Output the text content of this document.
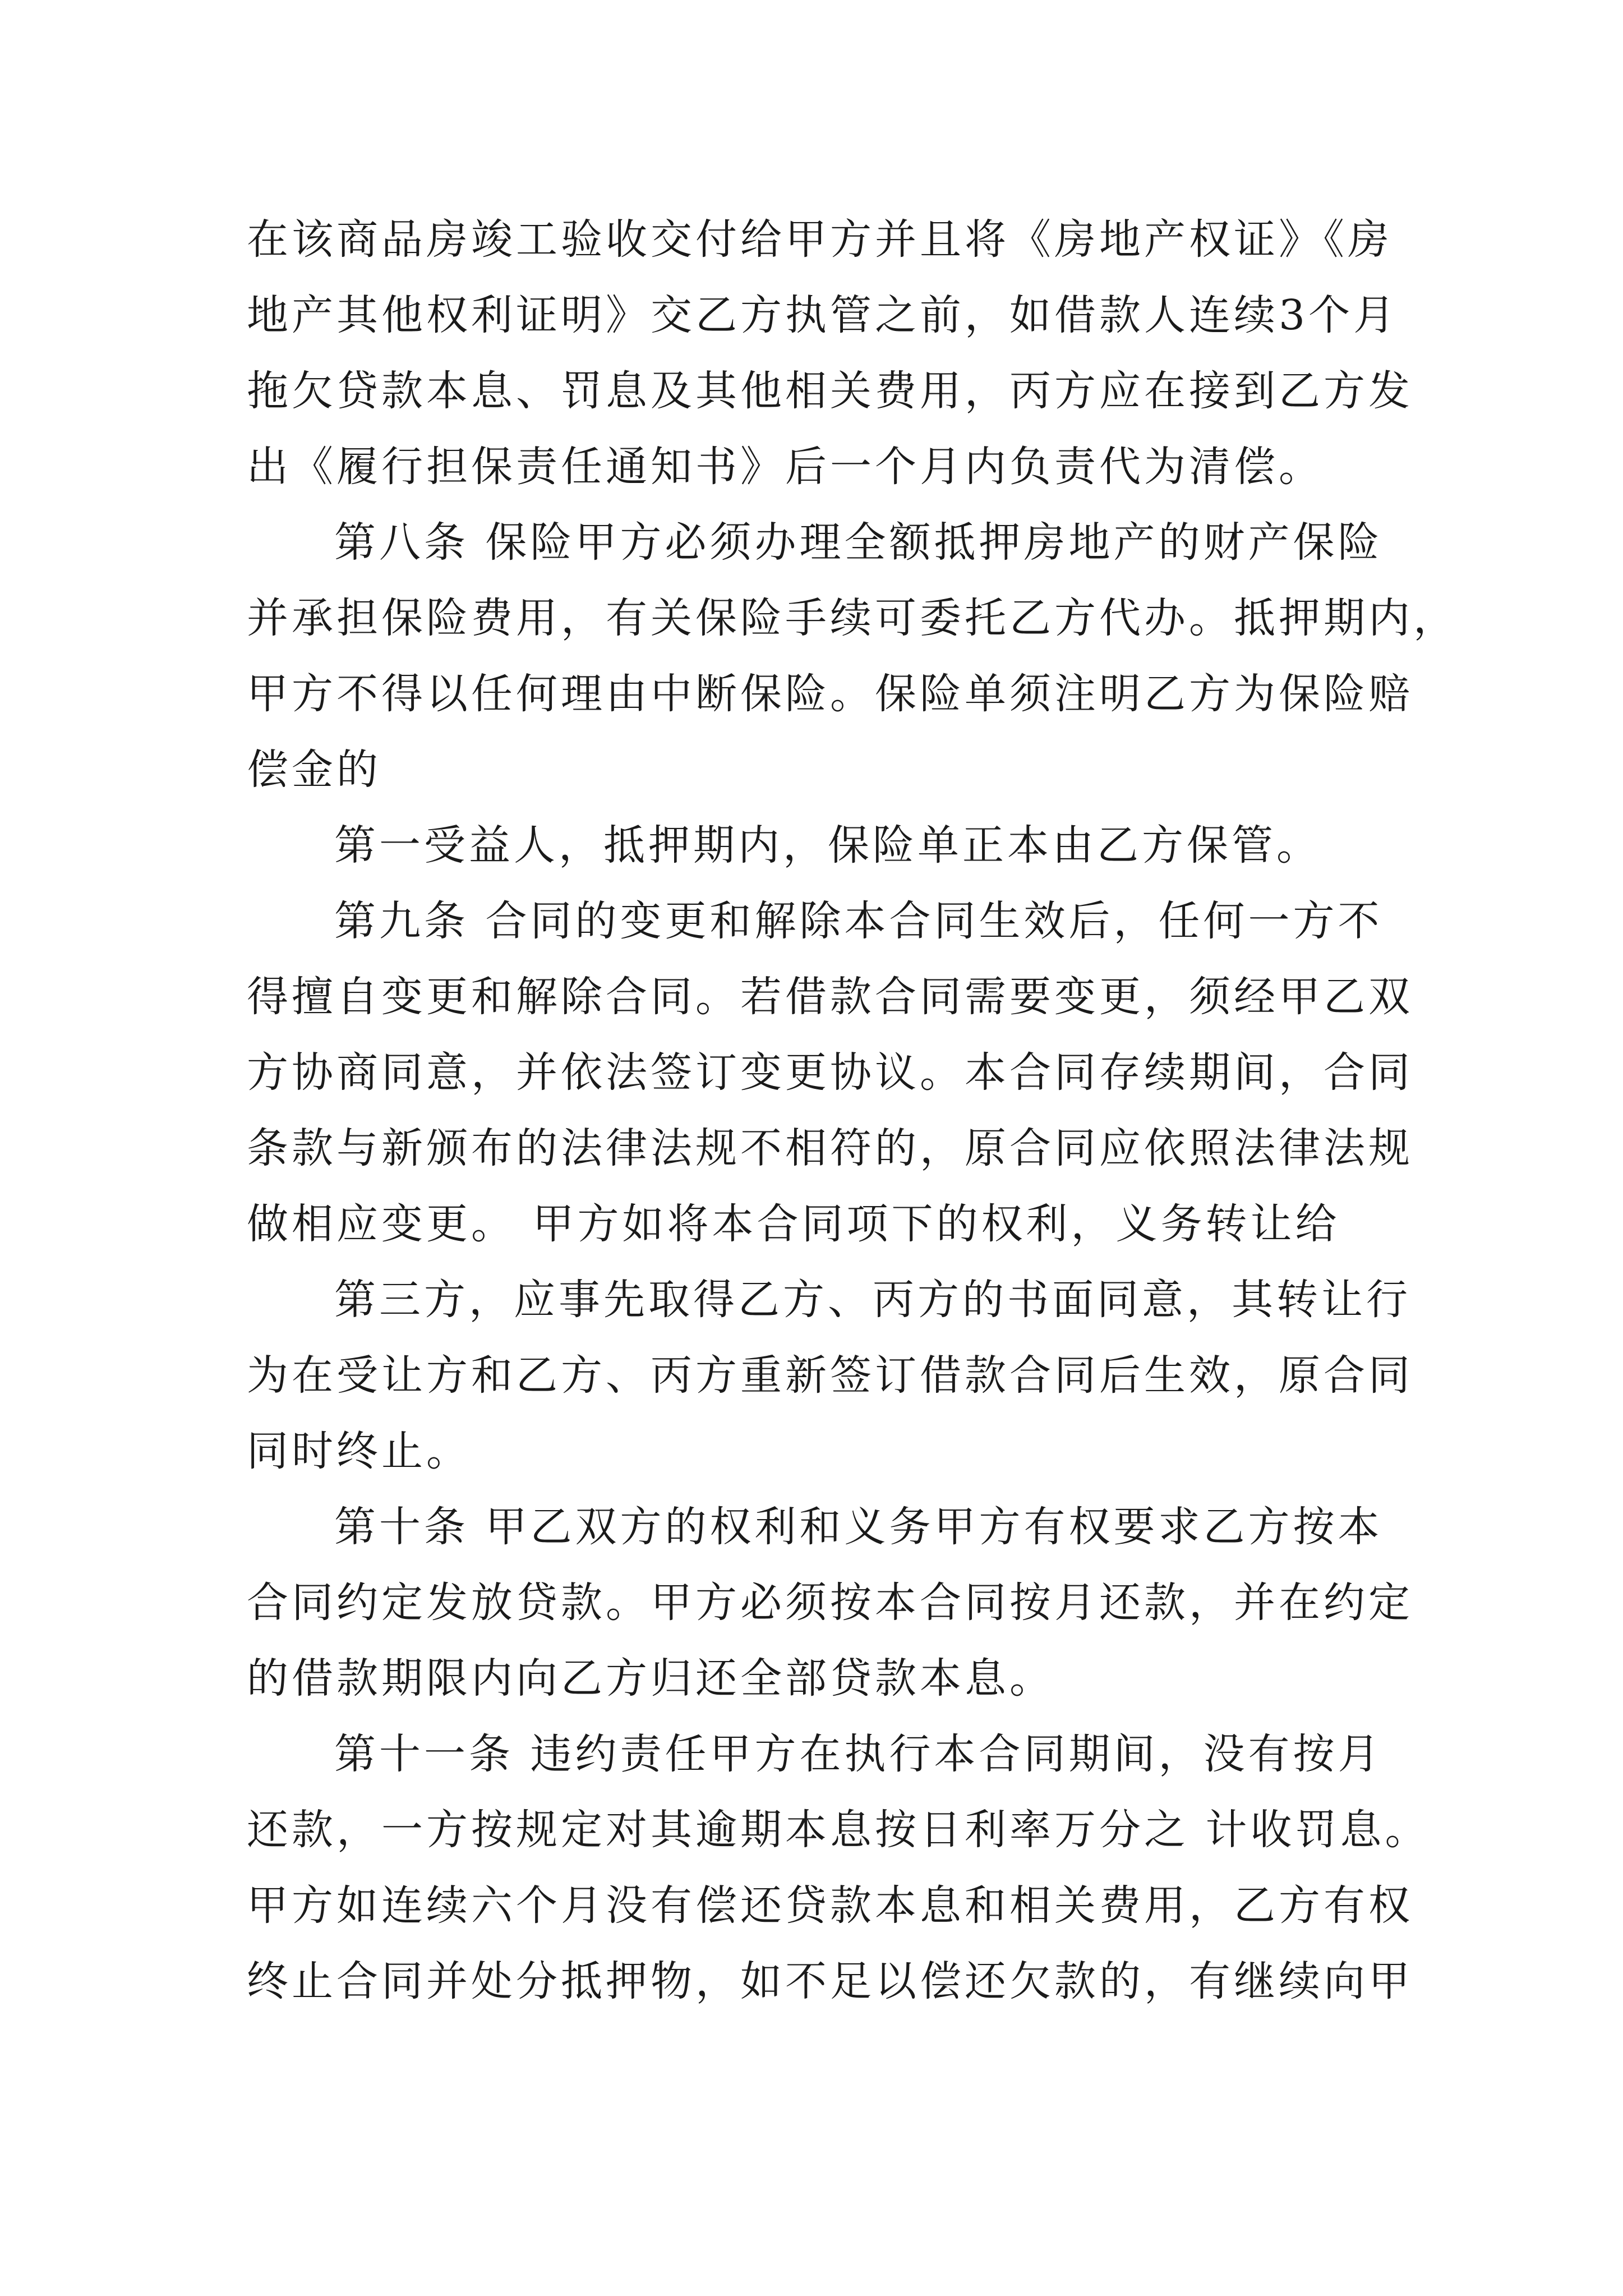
在该商品房竣工验收交付给甲方并且将《房地产权证》《房
地产其他权利证明》交乙方执管之前，如借款人连续3个月
拖欠贷款本息、罚息及其他相关费用，丙方应在接到乙方发
出《履行担保责任通知书》后一个月内负责代为清偿。
第八条 保险甲方必须办理全额抵押房地产的财产保险
并承担保险费用，有关保险手续可委托乙方代办。抵押期内，
甲方不得以任何理由中断保险。保险单须注明乙方为保险赔
偿金的
第一受益人，抵押期内，保险单正本由乙方保管。
第九条 合同的变更和解除本合同生效后，任何一方不
得擅自变更和解除合同。若借款合同需要变更，须经甲乙双
方协商同意，并依法签订变更协议。本合同存续期间，合同
条款与新颁布的法律法规不相符的，原合同应依照法律法规
做相应变更。 甲方如将本合同项下的权利，义务转让给
第三方，应事先取得乙方、丙方的书面同意，其转让行
为在受让方和乙方、丙方重新签订借款合同后生效，原合同
同时终止。
第十条 甲乙双方的权利和义务甲方有权要求乙方按本
合同约定发放贷款。甲方必须按本合同按月还款，并在约定
的借款期限内向乙方归还全部贷款本息。
第十一条 违约责任甲方在执行本合同期间，没有按月
还款，一方按规定对其逾期本息按日利率万分之 计收罚息。
甲方如连续六个月没有偿还贷款本息和相关费用，乙方有权
终止合同并处分抵押物，如不足以偿还欠款的，有继续向甲
